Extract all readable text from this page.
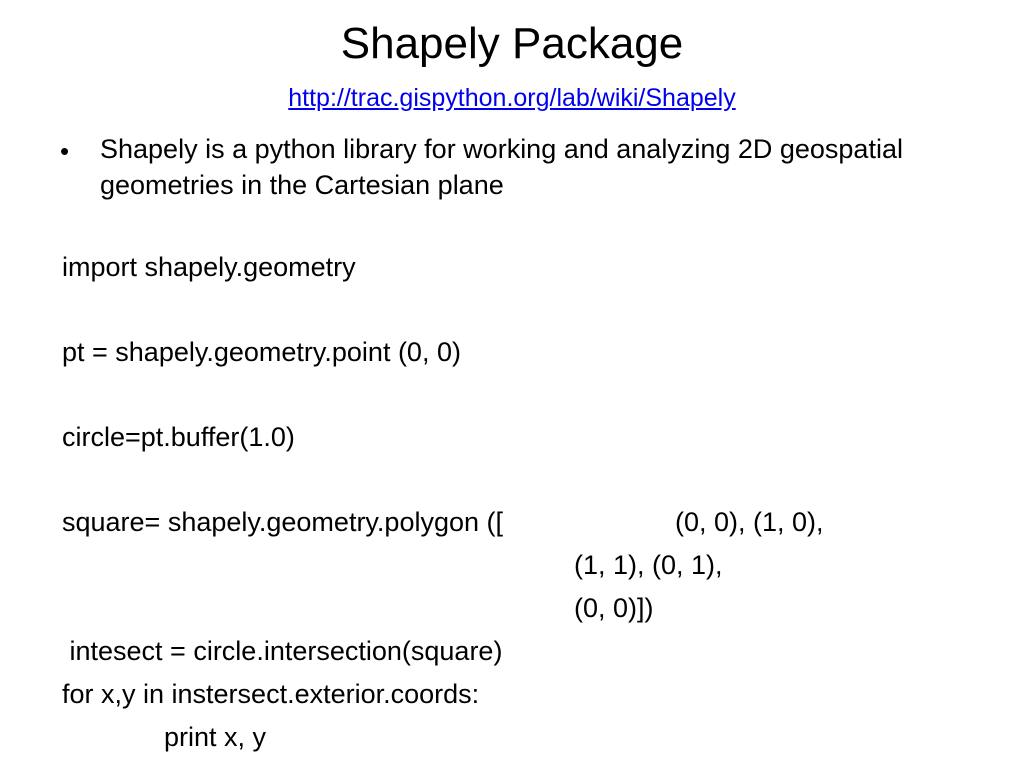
Shapely Package
http://trac.gispython.org/lab/wiki/Shapely
• Shapely is a python library for working and analyzing 2D geospatial geometries in the Cartesian plane
import shapely.geometry
pt = shapely.geometry.point (0, 0)
circle=pt.buffer(1.0)
square= shapely.geometry.polygon ([	(0, 0), (1, 0),
(1, 1), (0, 1),
(0, 0)])
intesect = circle.intersection(square)
for x,y in instersect.exterior.coords:
print x, y
